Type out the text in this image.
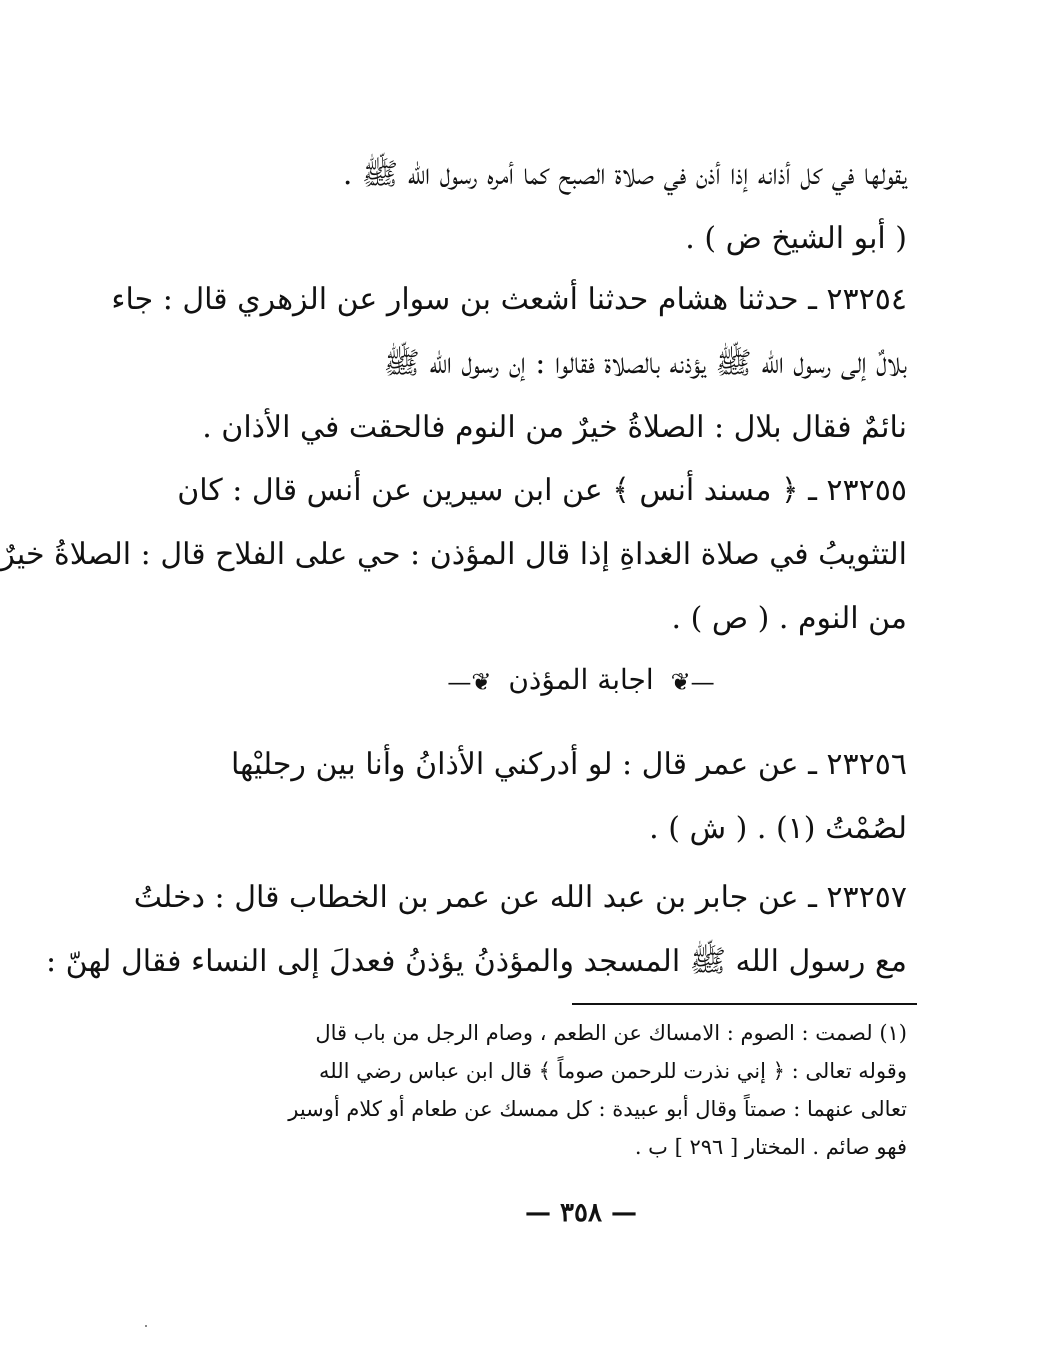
يقولها في كل أذانه إذا أذن في صلاة الصبح كما أمره رسول الله ﷺ .
( أبو الشيخ ض ) .
٢٣٢٥٤ ـ حدثنا هشام حدثنا أشعث بن سوار عن الزهري قال : جاء
بلالٌ إلى رسول الله ﷺ يؤذنه بالصلاة فقالوا : إن رسول الله ﷺ
نائمٌ فقال بلال : الصلاةُ خيرٌ من النوم فالحقت في الأذان .
٢٣٢٥٥ ـ ﴿ مسند أنس ﴾ عن ابن سيرين عن أنس قال : كان
التثويبُ في صلاة الغداةِ إذا قال المؤذن : حي على الفلاح قال : الصلاةُ خيرٌ
من النوم . ( ص ) .
—❦ اجابة المؤذن ❦—
٢٣٢٥٦ ـ عن عمر قال : لو أدركني الأذانُ وأنا بين رجليْها
لصُمْتُ (١) . ( ش ) .
٢٣٢٥٧ ـ عن جابر بن عبد الله عن عمر بن الخطاب قال : دخلتُ
مع رسول الله ﷺ المسجد والمؤذنُ يؤذنُ فعدلَ إلى النساء فقال لهنّ :
(١) لصمت : الصوم : الامساك عن الطعم ، وصام الرجل من باب قال
وقوله تعالى : ﴿ إني نذرت للرحمن صوماً ﴾ قال ابن عباس رضي الله
تعالى عنهما : صمتاً وقال أبو عبيدة : كل ممسك عن طعام أو كلام أوسير
فهو صائم . المختار [ ٢٩٦ ] ب .
— ٣٥٨ —
